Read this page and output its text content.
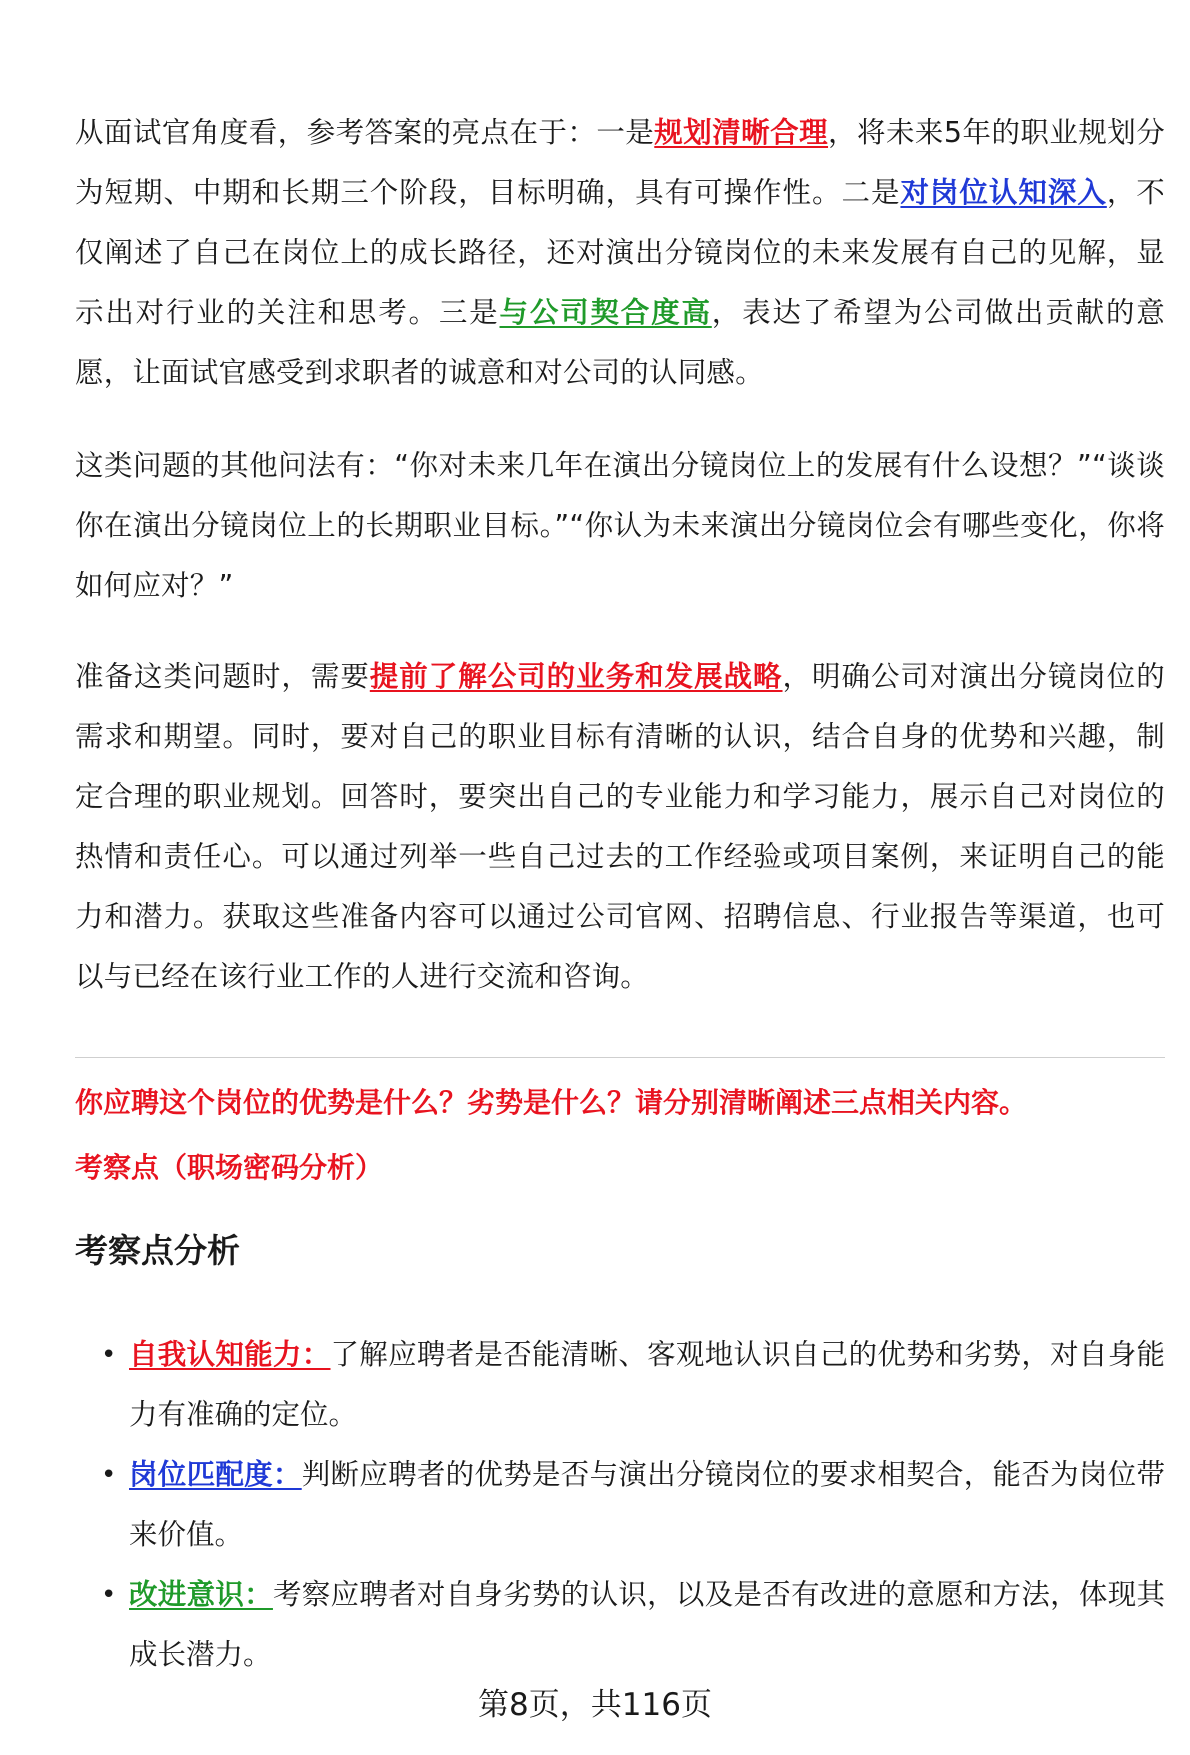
从面试官角度看，参考答案的亮点在于：一是规划清晰合理，将未来5年的职业规划分为短期、中期和长期三个阶段，目标明确，具有可操作性。二是对岗位认知深入，不仅阐述了自己在岗位上的成长路径，还对演出分镜岗位的未来发展有自己的见解，显示出对行业的关注和思考。三是与公司契合度高，表达了希望为公司做出贡献的意愿，让面试官感受到求职者的诚意和对公司的认同感。

这类问题的其他问法有：“你对未来几年在演出分镜岗位上的发展有什么设想？”“谈谈你在演出分镜岗位上的长期职业目标。”“你认为未来演出分镜岗位会有哪些变化，你将如何应对？”

准备这类问题时，需要提前了解公司的业务和发展战略，明确公司对演出分镜岗位的需求和期望。同时，要对自己的职业目标有清晰的认识，结合自身的优势和兴趣，制定合理的职业规划。回答时，要突出自己的专业能力和学习能力，展示自己对岗位的热情和责任心。可以通过列举一些自己过去的工作经验或项目案例，来证明自己的能力和潜力。获取这些准备内容可以通过公司官网、招聘信息、行业报告等渠道，也可以与已经在该行业工作的人进行交流和咨询。

你应聘这个岗位的优势是什么？劣势是什么？请分别清晰阐述三点相关内容。

考察点（职场密码分析）

考察点分析
• 自我认知能力：了解应聘者是否能清晰、客观地认识自己的优势和劣势，对自身能力有准确的定位。
• 岗位匹配度：判断应聘者的优势是否与演出分镜岗位的要求相契合，能否为岗位带来价值。
• 改进意识：考察应聘者对自身劣势的认识，以及是否有改进的意愿和方法，体现其成长潜力。
第8页，共116页
